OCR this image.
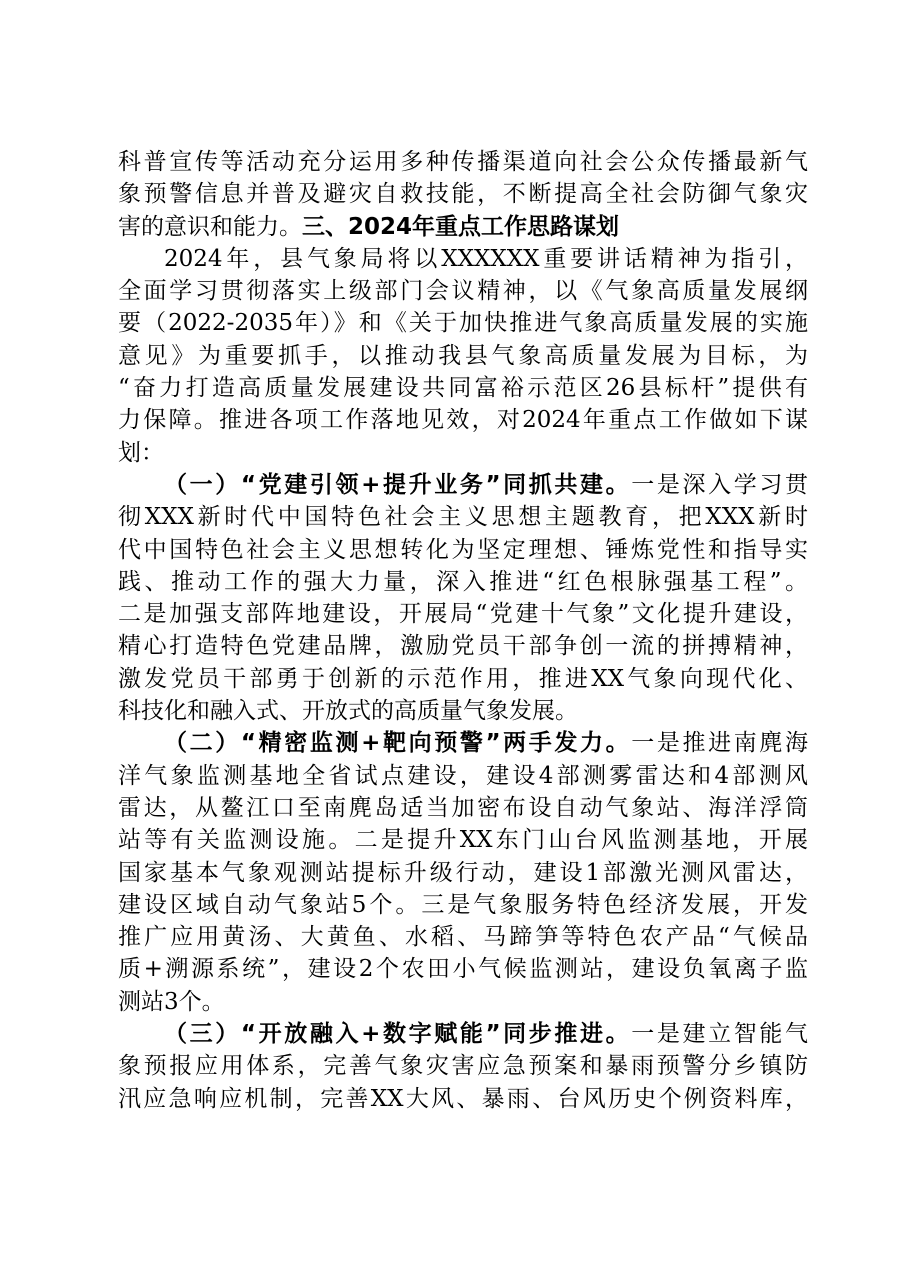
科普宣传等活动充分运用多种传播渠道向社会公众传播最新气
象预警信息并普及避灾自救技能，不断提高全社会防御气象灾
害的意识和能力。三、2024年重点工作思路谋划
2024年，县气象局将以XXXXXX重要讲话精神为指引，
全面学习贯彻落实上级部门会议精神，以《气象高质量发展纲
要（2022-2035年）》和《关于加快推进气象高质量发展的实施
意见》为重要抓手，以推动我县气象高质量发展为目标，为
“奋力打造高质量发展建设共同富裕示范区26县标杆”提供有
力保障。推进各项工作落地见效，对2024年重点工作做如下谋
划：
（一）“党建引领+提升业务”同抓共建。一是深入学习贯
彻XXX新时代中国特色社会主义思想主题教育，把XXX新时
代中国特色社会主义思想转化为坚定理想、锤炼党性和指导实
践、推动工作的强大力量，深入推进“红色根脉强基工程”。
二是加强支部阵地建设，开展局“党建十气象”文化提升建设，
精心打造特色党建品牌，激励党员干部争创一流的拼搏精神，
激发党员干部勇于创新的示范作用，推进XX气象向现代化、
科技化和融入式、开放式的高质量气象发展。
（二）“精密监测+靶向预警”两手发力。一是推进南麂海
洋气象监测基地全省试点建设，建设4部测雾雷达和4部测风
雷达，从鳌江口至南麂岛适当加密布设自动气象站、海洋浮筒
站等有关监测设施。二是提升XX东门山台风监测基地，开展
国家基本气象观测站提标升级行动，建设1部激光测风雷达，
建设区域自动气象站5个。三是气象服务特色经济发展，开发
推广应用黄汤、大黄鱼、水稻、马蹄笋等特色农产品“气候品
质+溯源系统”，建设2个农田小气候监测站，建设负氧离子监
测站3个。
（三）“开放融入+数字赋能”同步推进。一是建立智能气
象预报应用体系，完善气象灾害应急预案和暴雨预警分乡镇防
汛应急响应机制，完善XX大风、暴雨、台风历史个例资料库，
